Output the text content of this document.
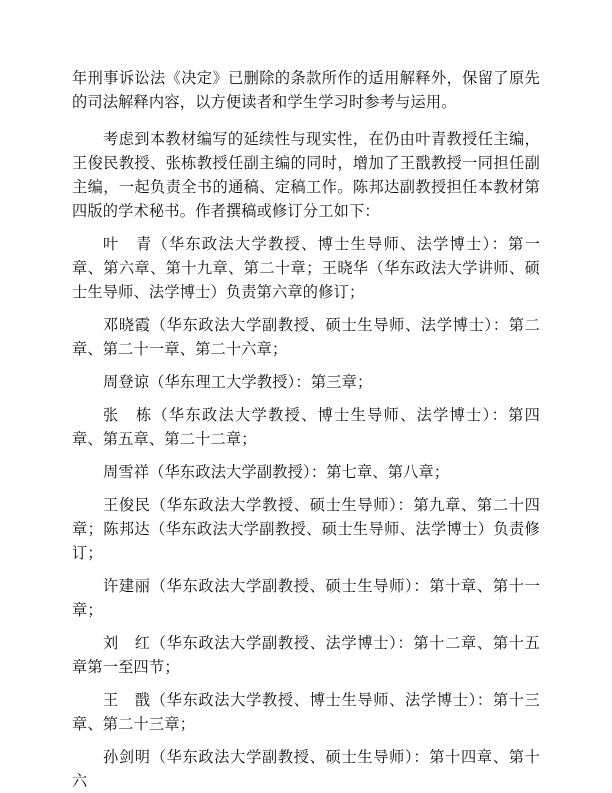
年刑事诉讼法《决定》已删除的条款所作的适用解释外，保留了原先的司法解释内容，以方便读者和学生学习时参考与运用。

考虑到本教材编写的延续性与现实性，在仍由叶青教授任主编，王俊民教授、张栋教授任副主编的同时，增加了王戬教授一同担任副主编，一起负责全书的通稿、定稿工作。陈邦达副教授担任本教材第四版的学术秘书。作者撰稿或修订分工如下：

叶　青（华东政法大学教授、博士生导师、法学博士）：第一章、第六章、第十九章、第二十章；王晓华（华东政法大学讲师、硕士生导师、法学博士）负责第六章的修订；

邓晓霞（华东政法大学副教授、硕士生导师、法学博士）：第二章、第二十一章、第二十六章；

周登谅（华东理工大学教授）：第三章；

张　栋（华东政法大学教授、博士生导师、法学博士）：第四章、第五章、第二十二章；

周雪祥（华东政法大学副教授）：第七章、第八章；

王俊民（华东政法大学教授、硕士生导师）：第九章、第二十四章；陈邦达（华东政法大学副教授、硕士生导师、法学博士）负责修订；

许建丽（华东政法大学副教授、硕士生导师）：第十章、第十一章；

刘　红（华东政法大学副教授、法学博士）：第十二章、第十五章第一至四节；

王　戬（华东政法大学教授、博士生导师、法学博士）：第十三章、第二十三章；

孙剑明（华东政法大学副教授、硕士生导师）：第十四章、第十六
